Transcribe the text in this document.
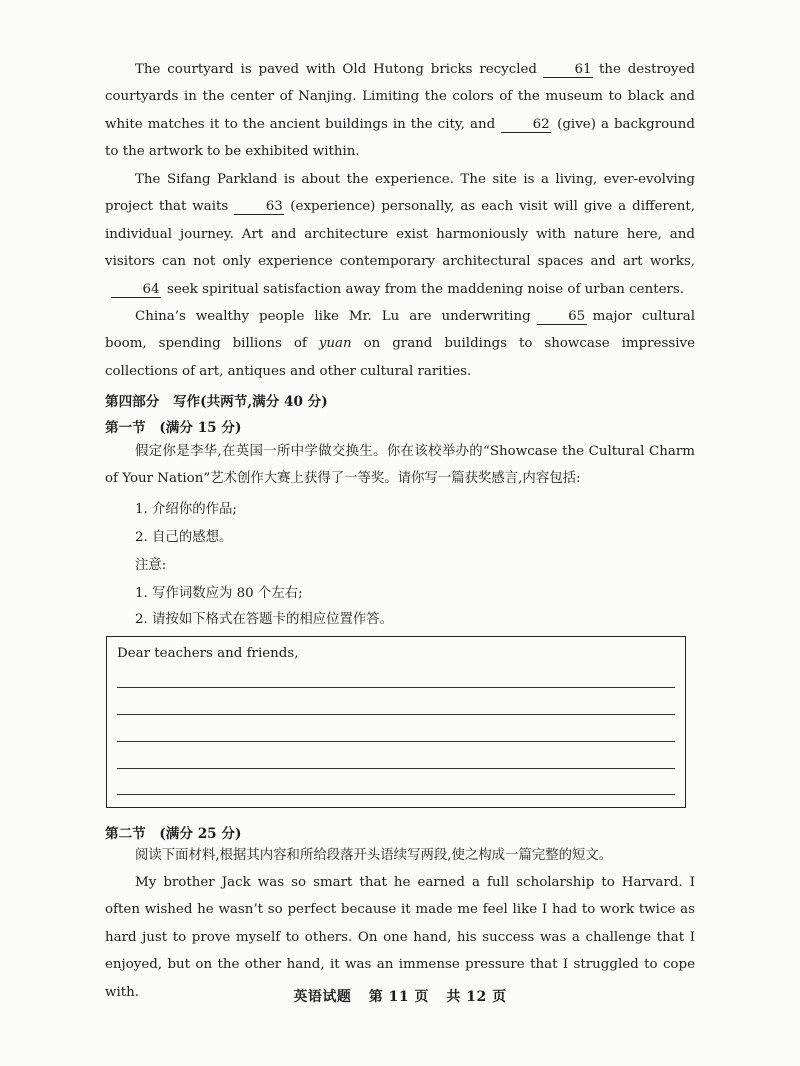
The courtyard is paved with Old Hutong bricks recycled	61 the destroyed courtyards in the center of Nanjing. Limiting the colors of the museum to black and white matches it to the ancient buildings in the city, and	62 (give) a background to the artwork to be exhibited within.

The Sifang Parkland is about the experience. The site is a living, ever-evolving project that waits	63 (experience) personally, as each visit will give a different, individual journey. Art and architecture exist harmoniously with nature here, and visitors can not only experience contemporary architectural spaces and art works,64 seek spiritual satisfaction away from the maddening noise of urban centers.

China’s wealthy people like Mr. Lu are underwriting	65 major cultural boom, spending billions of yuan on grand buildings to showcase impressive collections of art, antiques and other cultural rarities.

第四部分　写作(共两节,满分 40 分)

第一节　(满分 15 分)

假定你是李华,在英国一所中学做交换生。你在该校举办的“Showcase the Cultural Charm of Your Nation”艺术创作大赛上获得了一等奖。请你写一篇获奖感言,内容包括:

1. 介绍你的作品;

2. 自己的感想。

注意:

1. 写作词数应为 80 个左右;

2. 请按如下格式在答题卡的相应位置作答。

Dear teachers and friends,

第二节　(满分 25 分)

阅读下面材料,根据其内容和所给段落开头语续写两段,使之构成一篇完整的短文。

My brother Jack was so smart that he earned a full scholarship to Harvard. I often wished he wasn’t so perfect because it made me feel like I had to work twice as hard just to prove myself to others. On one hand, his success was a challenge that I enjoyed, but on the other hand, it was an immense pressure that I struggled to cope with.	英语试题 第 11 页 共 12 页
